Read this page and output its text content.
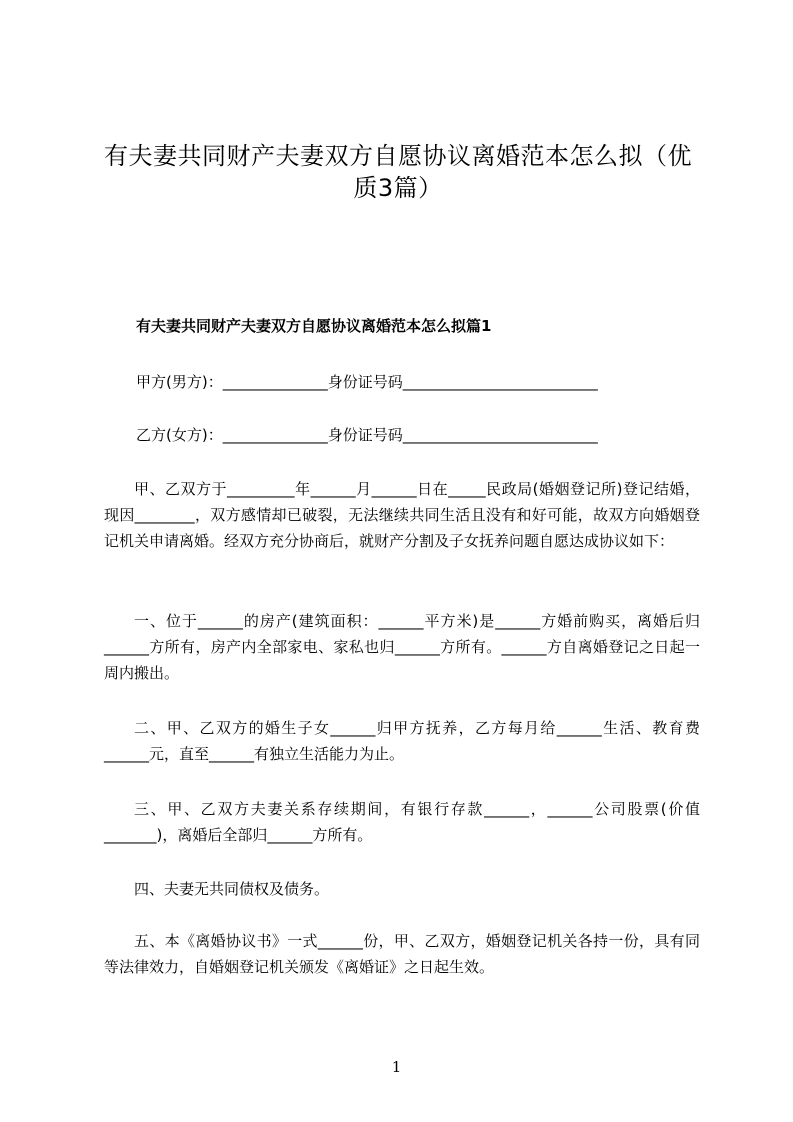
有夫妻共同财产夫妻双方自愿协议离婚范本怎么拟（优质3篇）
有夫妻共同财产夫妻双方自愿协议离婚范本怎么拟篇1

甲方(男方)：______________身份证号码__________________________

乙方(女方)：______________身份证号码__________________________

甲、乙双方于_________年______月______日在_____民政局(婚姻登记所)登记结婚，现因________，双方感情却已破裂，无法继续共同生活且没有和好可能，故双方向婚姻登记机关申请离婚。经双方充分协商后，就财产分割及子女抚养问题自愿达成协议如下：

一、位于______的房产(建筑面积：______平方米)是______方婚前购买，离婚后归______方所有，房产内全部家电、家私也归______方所有。______方自离婚登记之日起一周内搬出。

二、甲、乙双方的婚生子女______归甲方抚养，乙方每月给______生活、教育费______元，直至______有独立生活能力为止。

三、甲、乙双方夫妻关系存续期间，有银行存款______，______公司股票(价值_______)，离婚后全部归______方所有。

四、夫妻无共同债权及债务。

五、本《离婚协议书》一式______份，甲、乙双方，婚姻登记机关各持一份，具有同等法律效力，自婚姻登记机关颁发《离婚证》之日起生效。

1
